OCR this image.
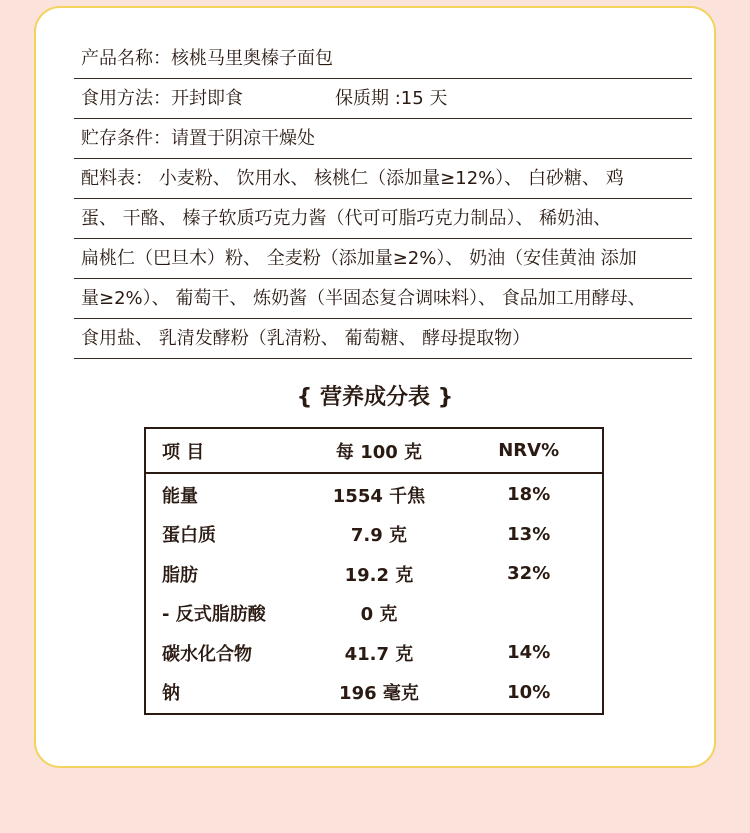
产品名称：核桃马里奥榛子面包
食用方法：开封即食	保质期 :15 天
贮存条件：请置于阴凉干燥处
配料表： 小麦粉、 饮用水、 核桃仁（添加量≥12%）、 白砂糖、 鸡
蛋、 干酪、 榛子软质巧克力酱（代可可脂巧克力制品）、 稀奶油、
扁桃仁（巴旦木）粉、 全麦粉（添加量≥2%）、 奶油（安佳黄油 添加
量≥2%）、 葡萄干、 炼奶酱（半固态复合调味料）、 食品加工用酵母、
食用盐、 乳清发酵粉（乳清粉、 葡萄糖、 酵母提取物）
{ 营养成分表 }
项 目	每 100 克	NRV%
能量	1554 千焦	18%
蛋白质	7.9 克	13%
脂肪	19.2 克	32%
- 反式脂肪酸	0 克
碳水化合物	41.7 克	14%
钠	196 毫克	10%
